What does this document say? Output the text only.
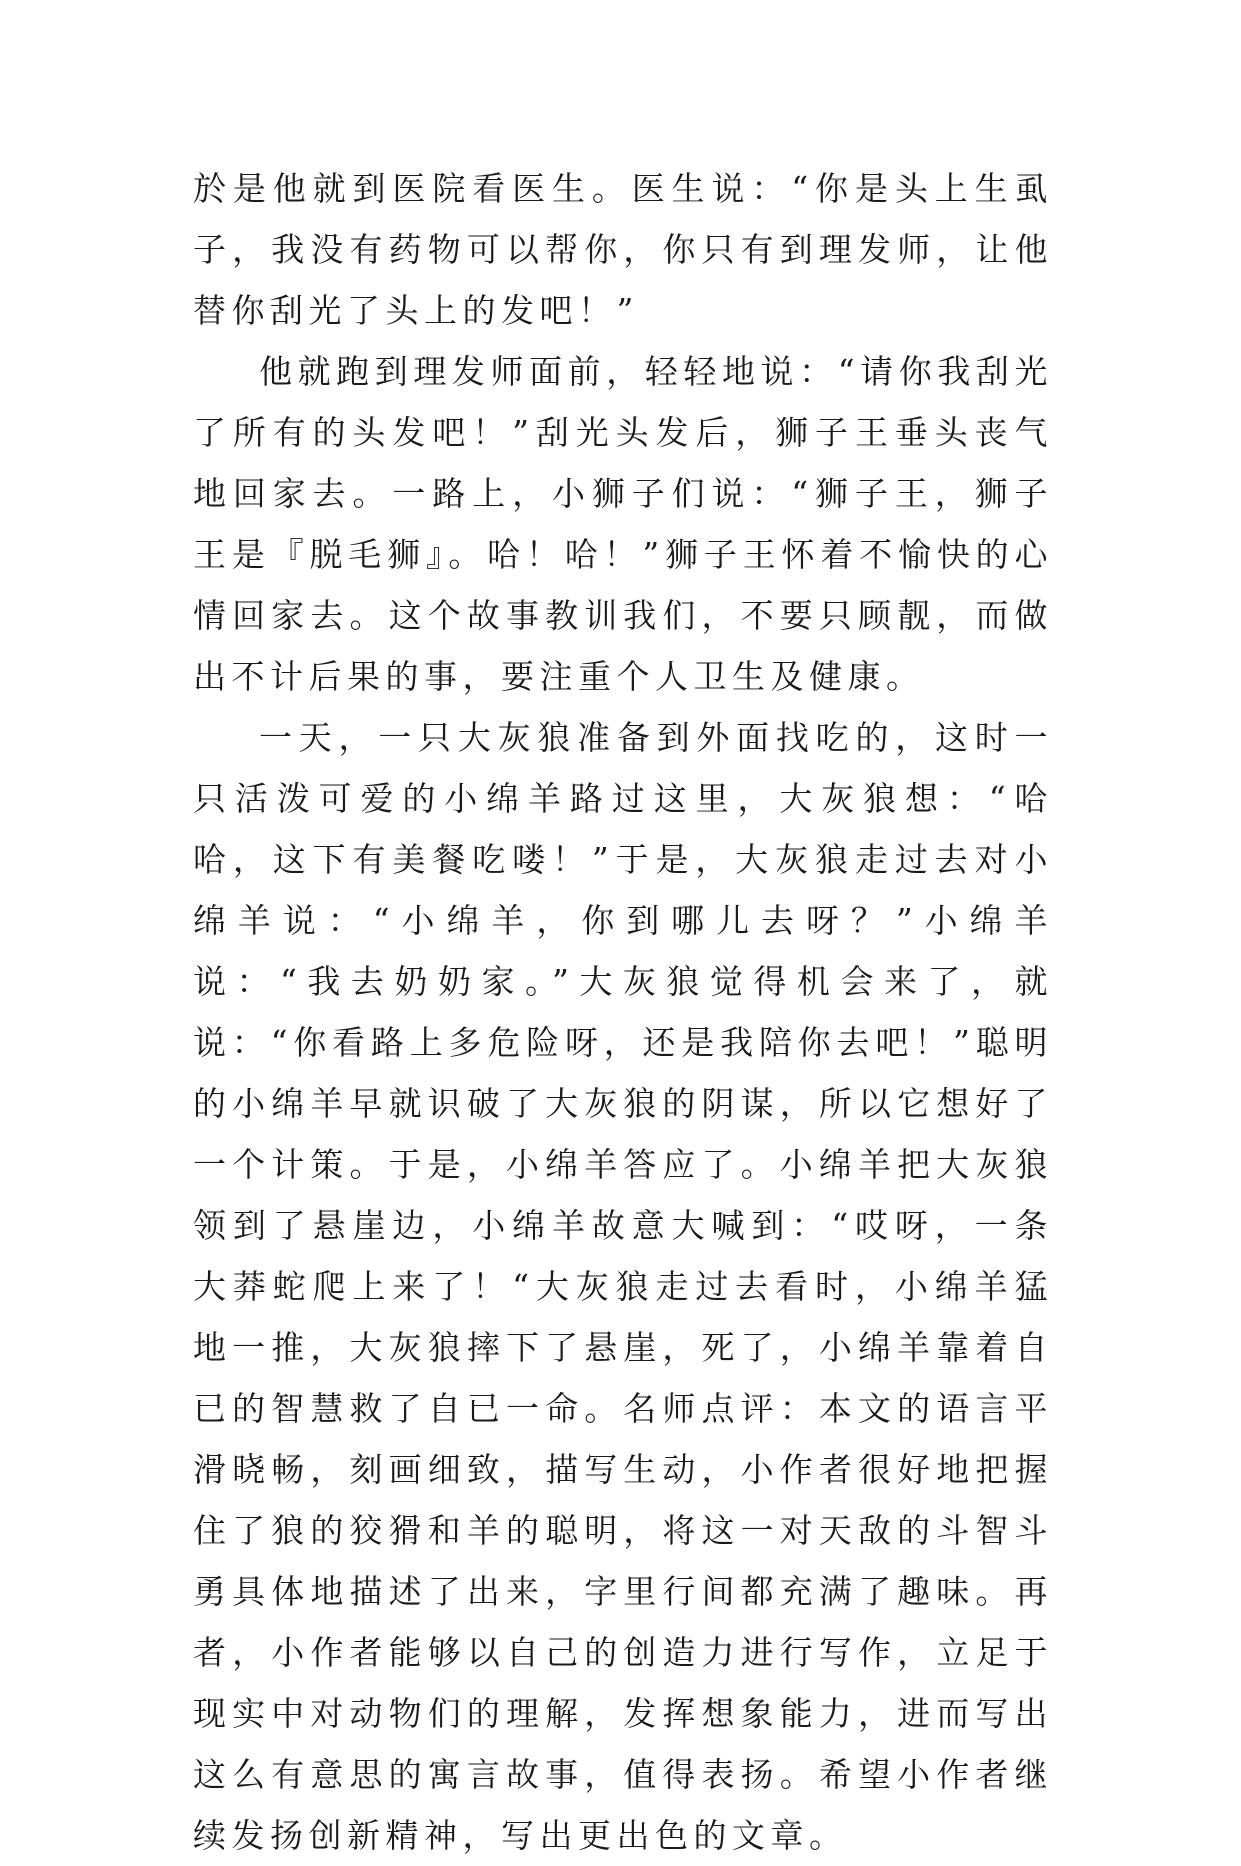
於是他就到医院看医生。医生说：“你是头上生虱子，我没有药物可以帮你，你只有到理发师，让他替你刮光了头上的发吧！”

他就跑到理发师面前，轻轻地说：“请你我刮光了所有的头发吧！”刮光头发后，狮子王垂头丧气地回家去。一路上，小狮子们说：“狮子王，狮子王是『脱毛狮』。哈！哈！”狮子王怀着不愉快的心情回家去。这个故事教训我们，不要只顾靓，而做出不计后果的事，要注重个人卫生及健康。

一天，一只大灰狼准备到外面找吃的，这时一只活泼可爱的小绵羊路过这里，大灰狼想：“哈哈，这下有美餐吃喽！”于是，大灰狼走过去对小绵羊说：“小绵羊，你到哪儿去呀？”小绵羊说：“我去奶奶家。”大灰狼觉得机会来了，就说：“你看路上多危险呀，还是我陪你去吧！”聪明的小绵羊早就识破了大灰狼的阴谋，所以它想好了一个计策。于是，小绵羊答应了。小绵羊把大灰狼领到了悬崖边，小绵羊故意大喊到：“哎呀，一条大莽蛇爬上来了！“大灰狼走过去看时，小绵羊猛地一推，大灰狼摔下了悬崖，死了，小绵羊靠着自已的智慧救了自已一命。名师点评：本文的语言平滑晓畅，刻画细致，描写生动，小作者很好地把握住了狼的狡猾和羊的聪明，将这一对天敌的斗智斗勇具体地描述了出来，字里行间都充满了趣味。再者，小作者能够以自己的创造力进行写作，立足于现实中对动物们的理解，发挥想象能力，进而写出这么有意思的寓言故事，值得表扬。希望小作者继续发扬创新精神，写出更出色的文章。
